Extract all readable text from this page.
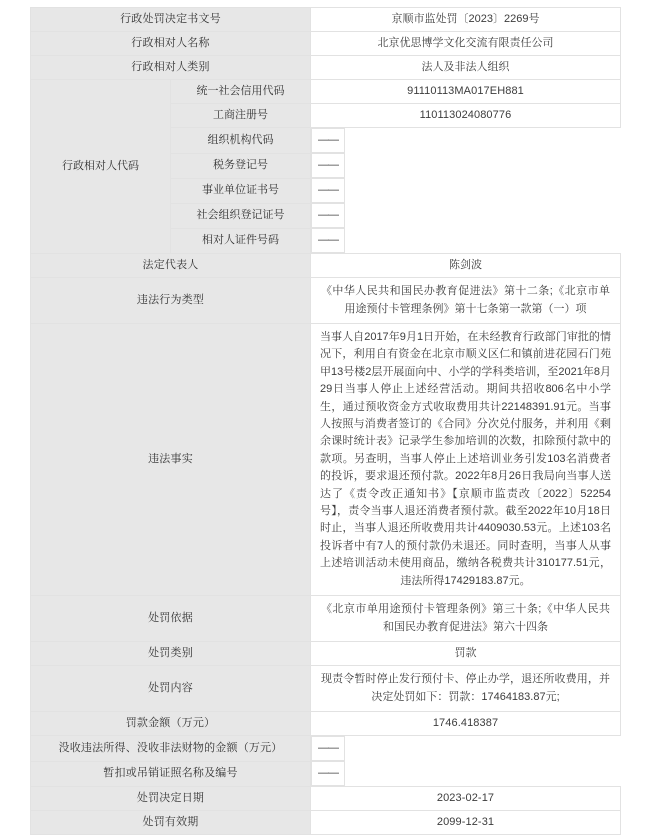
行政处罚决定书文号		京顺市监处罚〔2023〕2269号
行政相对人名称		北京优思博学文化交流有限责任公司
行政相对人类别		法人及非法人组织
行政相对人代码	统一社会信用代码	91110113MA017EH881
	工商注册号	110113024080776
	组织机构代码		——
	税务登记号		——
	事业单位证书号		——
	社会组织登记证号		——
	相对人证件号码		——
法定代表人		陈剑波
违法行为类型		《中华人民共和国民办教育促进法》第十二条;《北京市单用途预付卡管理条例》第十七条第一款第（一）项
违法事实		当事人自2017年9月1日开始，在未经教育行政部门审批的情况下，利用自有资金在北京市顺义区仁和镇前进花园石门苑甲13号楼2层开展面向中、小学的学科类培训，至2021年8月29日当事人停止上述经营活动。期间共招收806名中小学生，通过预收资金方式收取费用共计22148391.91元。当事人按照与消费者签订的《合同》分次兑付服务，并利用《剩余课时统计表》记录学生参加培训的次数，扣除预付款中的款项。另查明，当事人停止上述培训业务引发103名消费者的投诉，要求退还预付款。2022年8月26日我局向当事人送达了《责令改正通知书》【京顺市监责改〔2022〕52254号】，责令当事人退还消费者预付款。截至2022年10月18日时止，当事人退还所收费用共计4409030.53元。上述103名投诉者中有7人的预付款仍未退还。同时查明，当事人从事上述培训活动未使用商品，缴纳各税费共计310177.51元，违法所得17429183.87元。
处罚依据		《北京市单用途预付卡管理条例》第三十条;《中华人民共和国民办教育促进法》第六十四条
处罚类别		罚款
处罚内容		现责令暂时停止发行预付卡、停止办学，退还所收费用，并决定处罚如下：罚款：17464183.87元;
罚款金额（万元）		1746.418387
没收违法所得、没收非法财物的金额（万元）		——
暂扣或吊销证照名称及编号		——
处罚决定日期		2023-02-17
处罚有效期		2099-12-31
